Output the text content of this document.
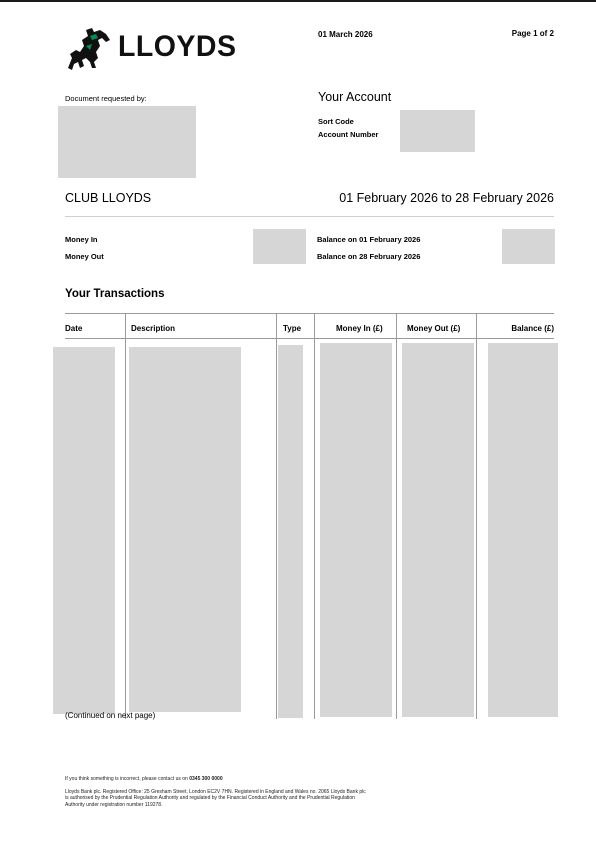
LLOYDS	01 March 2026	Page 1 of 2
Document requested by:	Your Account
Sort Code
Account Number
CLUB LLOYDS	01 February 2026 to 28 February 2026
Money In
Money Out
Balance on 01 February 2026
Balance on 28 February 2026
Your Transactions
Date	Description	Type	Money In (£)	Money Out (£)	Balance (£)
(Continued on next page)
If you think something is incorrect, please contact us on 0345 300 0000
Lloyds Bank plc. Registered Office: 25 Gresham Street, London EC2V 7HN. Registered in England and Wales no. 2065 Lloyds Bank plc
is authorised by the Prudential Regulation Authority and regulated by the Financial Conduct Authority and the Prudential Regulation
Authority under registration number 119278.
